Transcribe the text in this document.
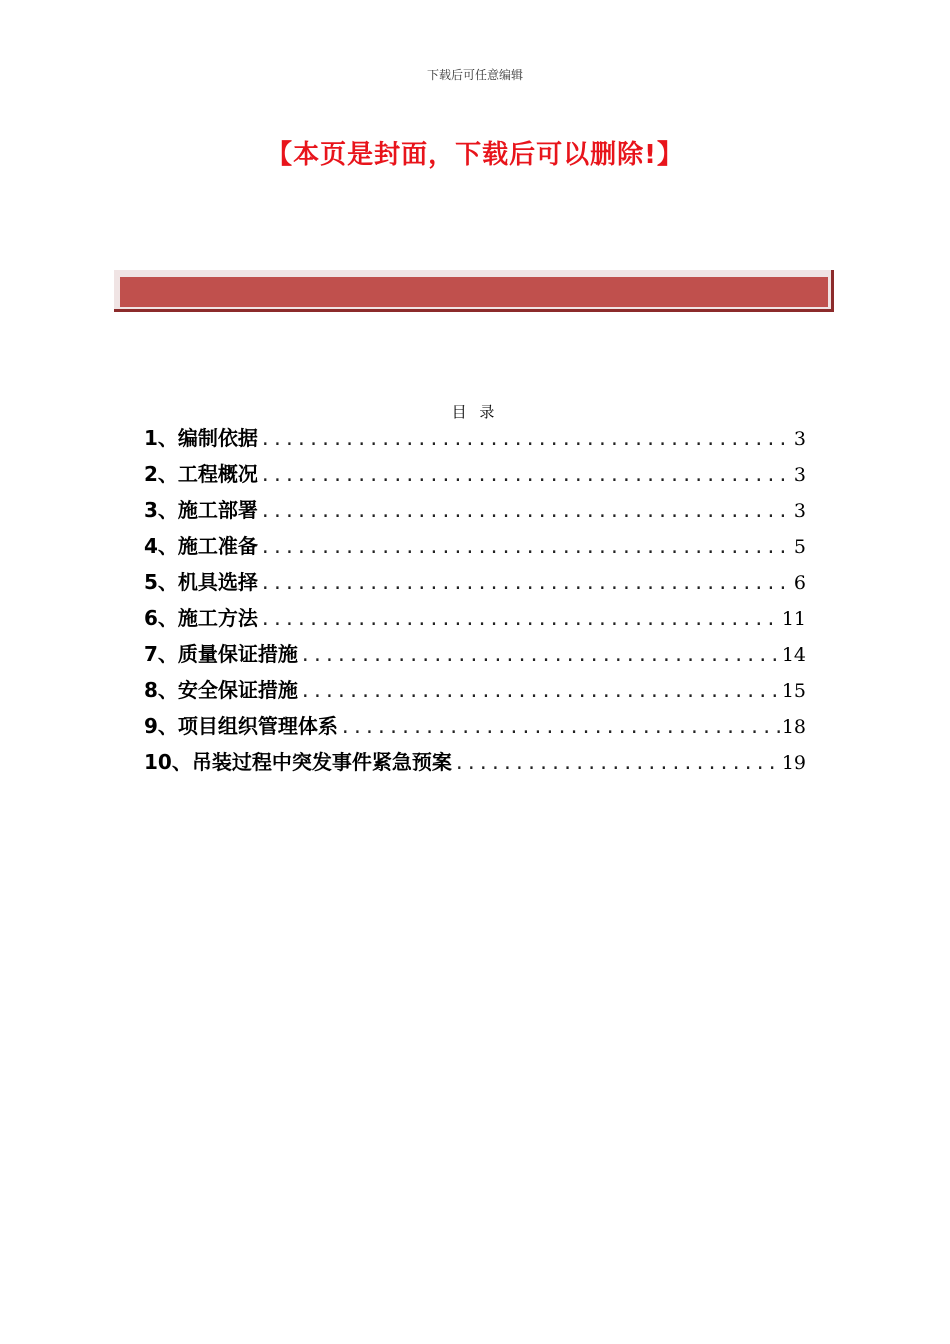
下载后可任意编辑
【本页是封面，下载后可以删除!】
目 录
1、编制依据 .....	3
2、工程概况 .....	3
3、施工部署 .....	3
4、施工准备 .....	5
5、机具选择 .....	6
6、施工方法 .....	11
7、质量保证措施 .....	14
8、安全保证措施 .....	15
9、项目组织管理体系 .....	18
10、吊装过程中突发事件紧急预案 .....	19
